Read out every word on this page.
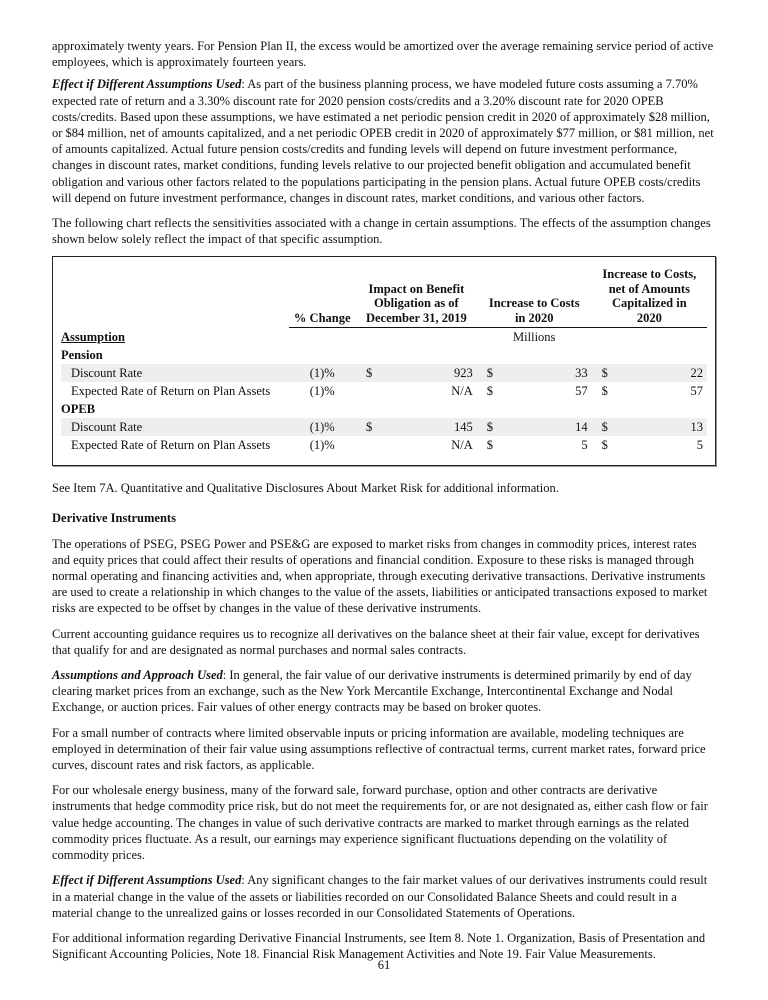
approximately twenty years. For Pension Plan II, the excess would be amortized over the average remaining service period of active employees, which is approximately fourteen years.

Effect if Different Assumptions Used: As part of the business planning process, we have modeled future costs assuming a 7.70% expected rate of return and a 3.30% discount rate for 2020 pension costs/credits and a 3.20% discount rate for 2020 OPEB costs/credits. Based upon these assumptions, we have estimated a net periodic pension credit in 2020 of approximately $28 million, or $84 million, net of amounts capitalized, and a net periodic OPEB credit in 2020 of approximately $77 million, or $81 million, net of amounts capitalized. Actual future pension costs/credits and funding levels will depend on future investment performance, changes in discount rates, market conditions, funding levels relative to our projected benefit obligation and accumulated benefit obligation and various other factors related to the populations participating in the pension plans. Actual future OPEB costs/credits will depend on future investment performance, changes in discount rates, market conditions, and various other factors.

The following chart reflects the sensitivities associated with a change in certain assumptions. The effects of the assumption changes shown below solely reflect the impact of that specific assumption.

	% Change	Impact on Benefit Obligation as of December 31, 2019		Increase to Costs in 2020		Increase to Costs, net of Amounts Capitalized in 2020	

Assumption				Millions			
Pension							
Discount Rate	(1)%	$	923	$	33	$	22
Expected Rate of Return on Plan Assets	(1)%		N/A	$	57	$	57
OPEB							
Discount Rate	(1)%	$	145	$	14	$	13
Expected Rate of Return on Plan Assets	(1)%		N/A	$	5	$	5

See Item 7A. Quantitative and Qualitative Disclosures About Market Risk for additional information.

Derivative Instruments

The operations of PSEG, PSEG Power and PSE&G are exposed to market risks from changes in commodity prices, interest rates and equity prices that could affect their results of operations and financial condition. Exposure to these risks is managed through normal operating and financing activities and, when appropriate, through executing derivative transactions. Derivative instruments are used to create a relationship in which changes to the value of the assets, liabilities or anticipated transactions exposed to market risks are expected to be offset by changes in the value of these derivative instruments.

Current accounting guidance requires us to recognize all derivatives on the balance sheet at their fair value, except for derivatives that qualify for and are designated as normal purchases and normal sales contracts.

Assumptions and Approach Used: In general, the fair value of our derivative instruments is determined primarily by end of day clearing market prices from an exchange, such as the New York Mercantile Exchange, Intercontinental Exchange and Nodal Exchange, or auction prices. Fair values of other energy contracts may be based on broker quotes.

For a small number of contracts where limited observable inputs or pricing information are available, modeling techniques are employed in determination of their fair value using assumptions reflective of contractual terms, current market rates, forward price curves, discount rates and risk factors, as applicable.

For our wholesale energy business, many of the forward sale, forward purchase, option and other contracts are derivative instruments that hedge commodity price risk, but do not meet the requirements for, or are not designated as, either cash flow or fair value hedge accounting. The changes in value of such derivative contracts are marked to market through earnings as the related commodity prices fluctuate. As a result, our earnings may experience significant fluctuations depending on the volatility of commodity prices.

Effect if Different Assumptions Used: Any significant changes to the fair market values of our derivatives instruments could result in a material change in the value of the assets or liabilities recorded on our Consolidated Balance Sheets and could result in a material change to the unrealized gains or losses recorded in our Consolidated Statements of Operations.

For additional information regarding Derivative Financial Instruments, see Item 8. Note 1. Organization, Basis of Presentation and Significant Accounting Policies, Note 18. Financial Risk Management Activities and Note 19. Fair Value Measurements.

61
